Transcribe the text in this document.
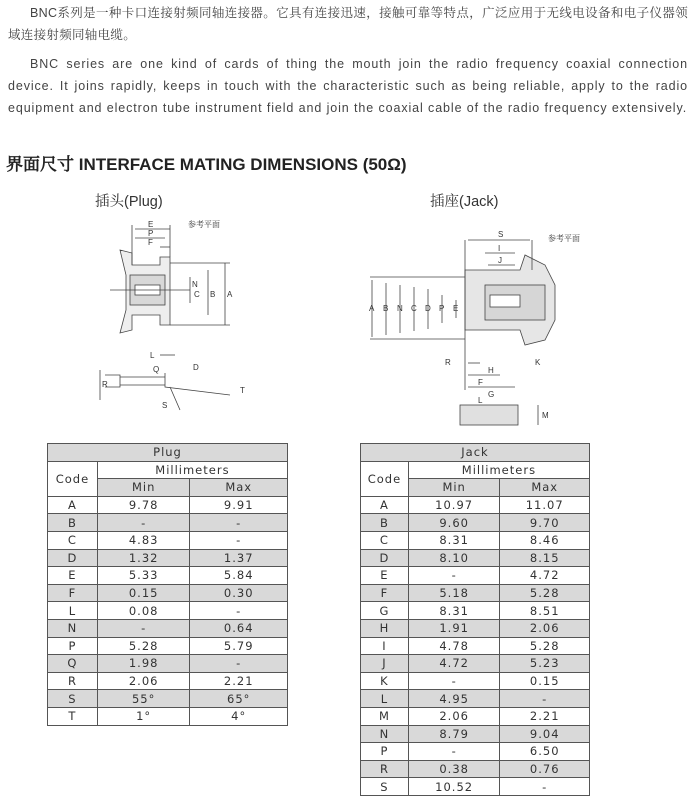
BNC系列是一种卡口连接射频同轴连接器。它具有连接迅速，接触可靠等特点，广泛应用于无线电设备和电子仪器领域连接射频同轴电缆。
BNC series are one kind of cards of thing the mouth join the radio frequency coaxial connection device. It joins rapidly, keeps in touch with the characteristic such as being reliable, apply to the radio equipment and electron tube instrument field and join the coaxial cable of the radio frequency extensively.
界面尺寸 INTERFACE MATING DIMENSIONS (50Ω)
插头(Plug)	插座(Jack)
E
P
F
参考平面
N
C B A
L
Q
R
D
T
S
S
I
J
参考平面
A B N C D P E
R	K
H
F
G
L
M
Plug		
Code	Millimeters	
	Min	Max
A	9.78	9.91
B	-	-
C	4.83	-
D	1.32	1.37
E	5.33	5.84
F	0.15	0.30
L	0.08	-
N	-	0.64
P	5.28	5.79
Q	1.98	-
R	2.06	2.21
S	55°	65°
T	1°	4°
Jack		
Code	Millimeters	
	Min	Max
A	10.97	11.07
B	9.60	9.70
C	8.31	8.46
D	8.10	8.15
E	-	4.72
F	5.18	5.28
G	8.31	8.51
H	1.91	2.06
I	4.78	5.28
J	4.72	5.23
K	-	0.15
L	4.95	-
M	2.06	2.21
N	8.79	9.04
P	-	6.50
R	0.38	0.76
S	10.52	-
